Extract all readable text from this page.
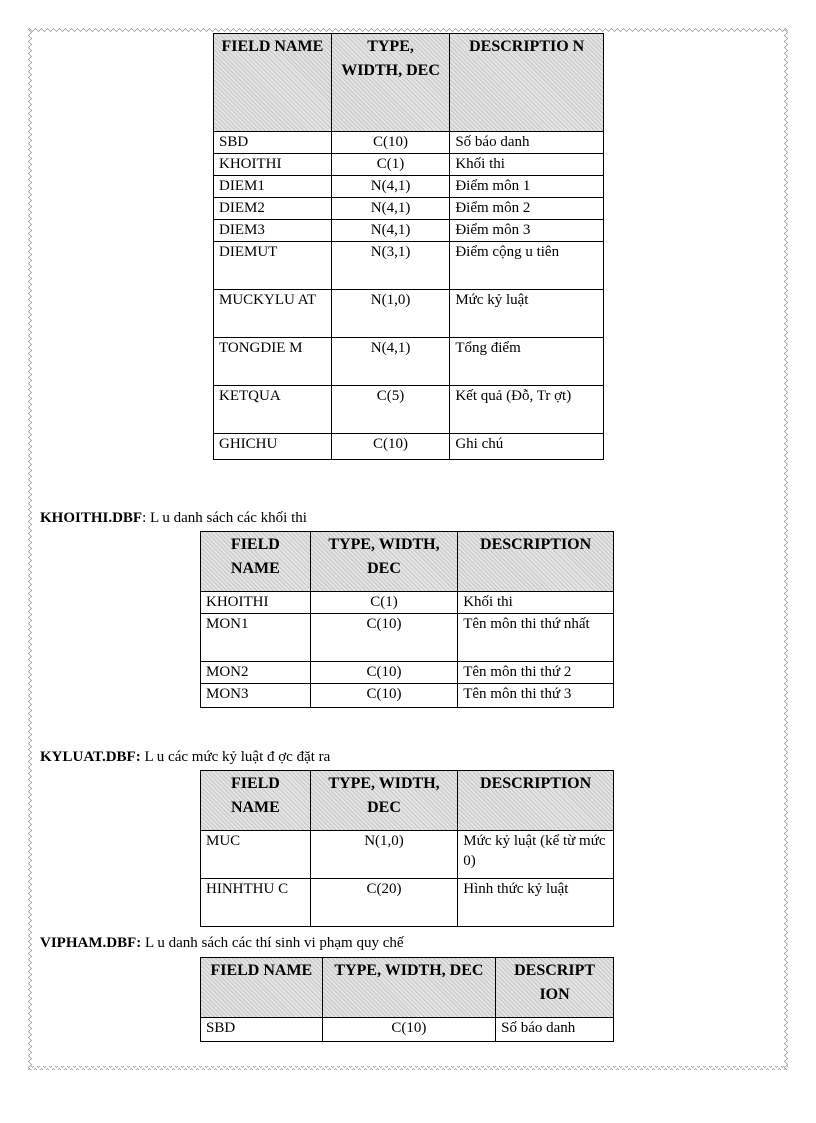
FIELD NAME	TYPE, WIDTH, DEC	DESCRIPTIO N
SBD	C(10)	Số báo danh
KHOITHI	C(1)	Khối thi
DIEM1	N(4,1)	Điểm môn 1
DIEM2	N(4,1)	Điểm môn 2
DIEM3	N(4,1)	Điểm môn 3
DIEMUT	N(3,1)	Điểm cộng u tiên
MUCKYLU AT	N(1,0)	Mức kỷ luật
TONGDIE M	N(4,1)	Tổng điểm
KETQUA	C(5)	Kết quả (Đỗ, Tr ợt)
GHICHU	C(10)	Ghi chú
KHOITHI.DBF: L u danh sách các khối thi
FIELD NAME	TYPE, WIDTH, DEC	DESCRIPTION
KHOITHI	C(1)	Khối thi
MON1	C(10)	Tên môn thi thứ nhất
MON2	C(10)	Tên môn thi thứ 2
MON3	C(10)	Tên môn thi thứ 3
KYLUAT.DBF: L u các mức kỷ luật đ ợc đặt ra
FIELD NAME	TYPE, WIDTH, DEC	DESCRIPTION
MUC	N(1,0)	Mức kỷ luật (kể từ mức 0)
HINHTHU C	C(20)	Hình thức kỷ luật
VIPHAM.DBF: L u danh sách các thí sinh vi phạm quy chế
FIELD NAME	TYPE, WIDTH, DEC	DESCRIPT ION
SBD	C(10)	Số báo danh
